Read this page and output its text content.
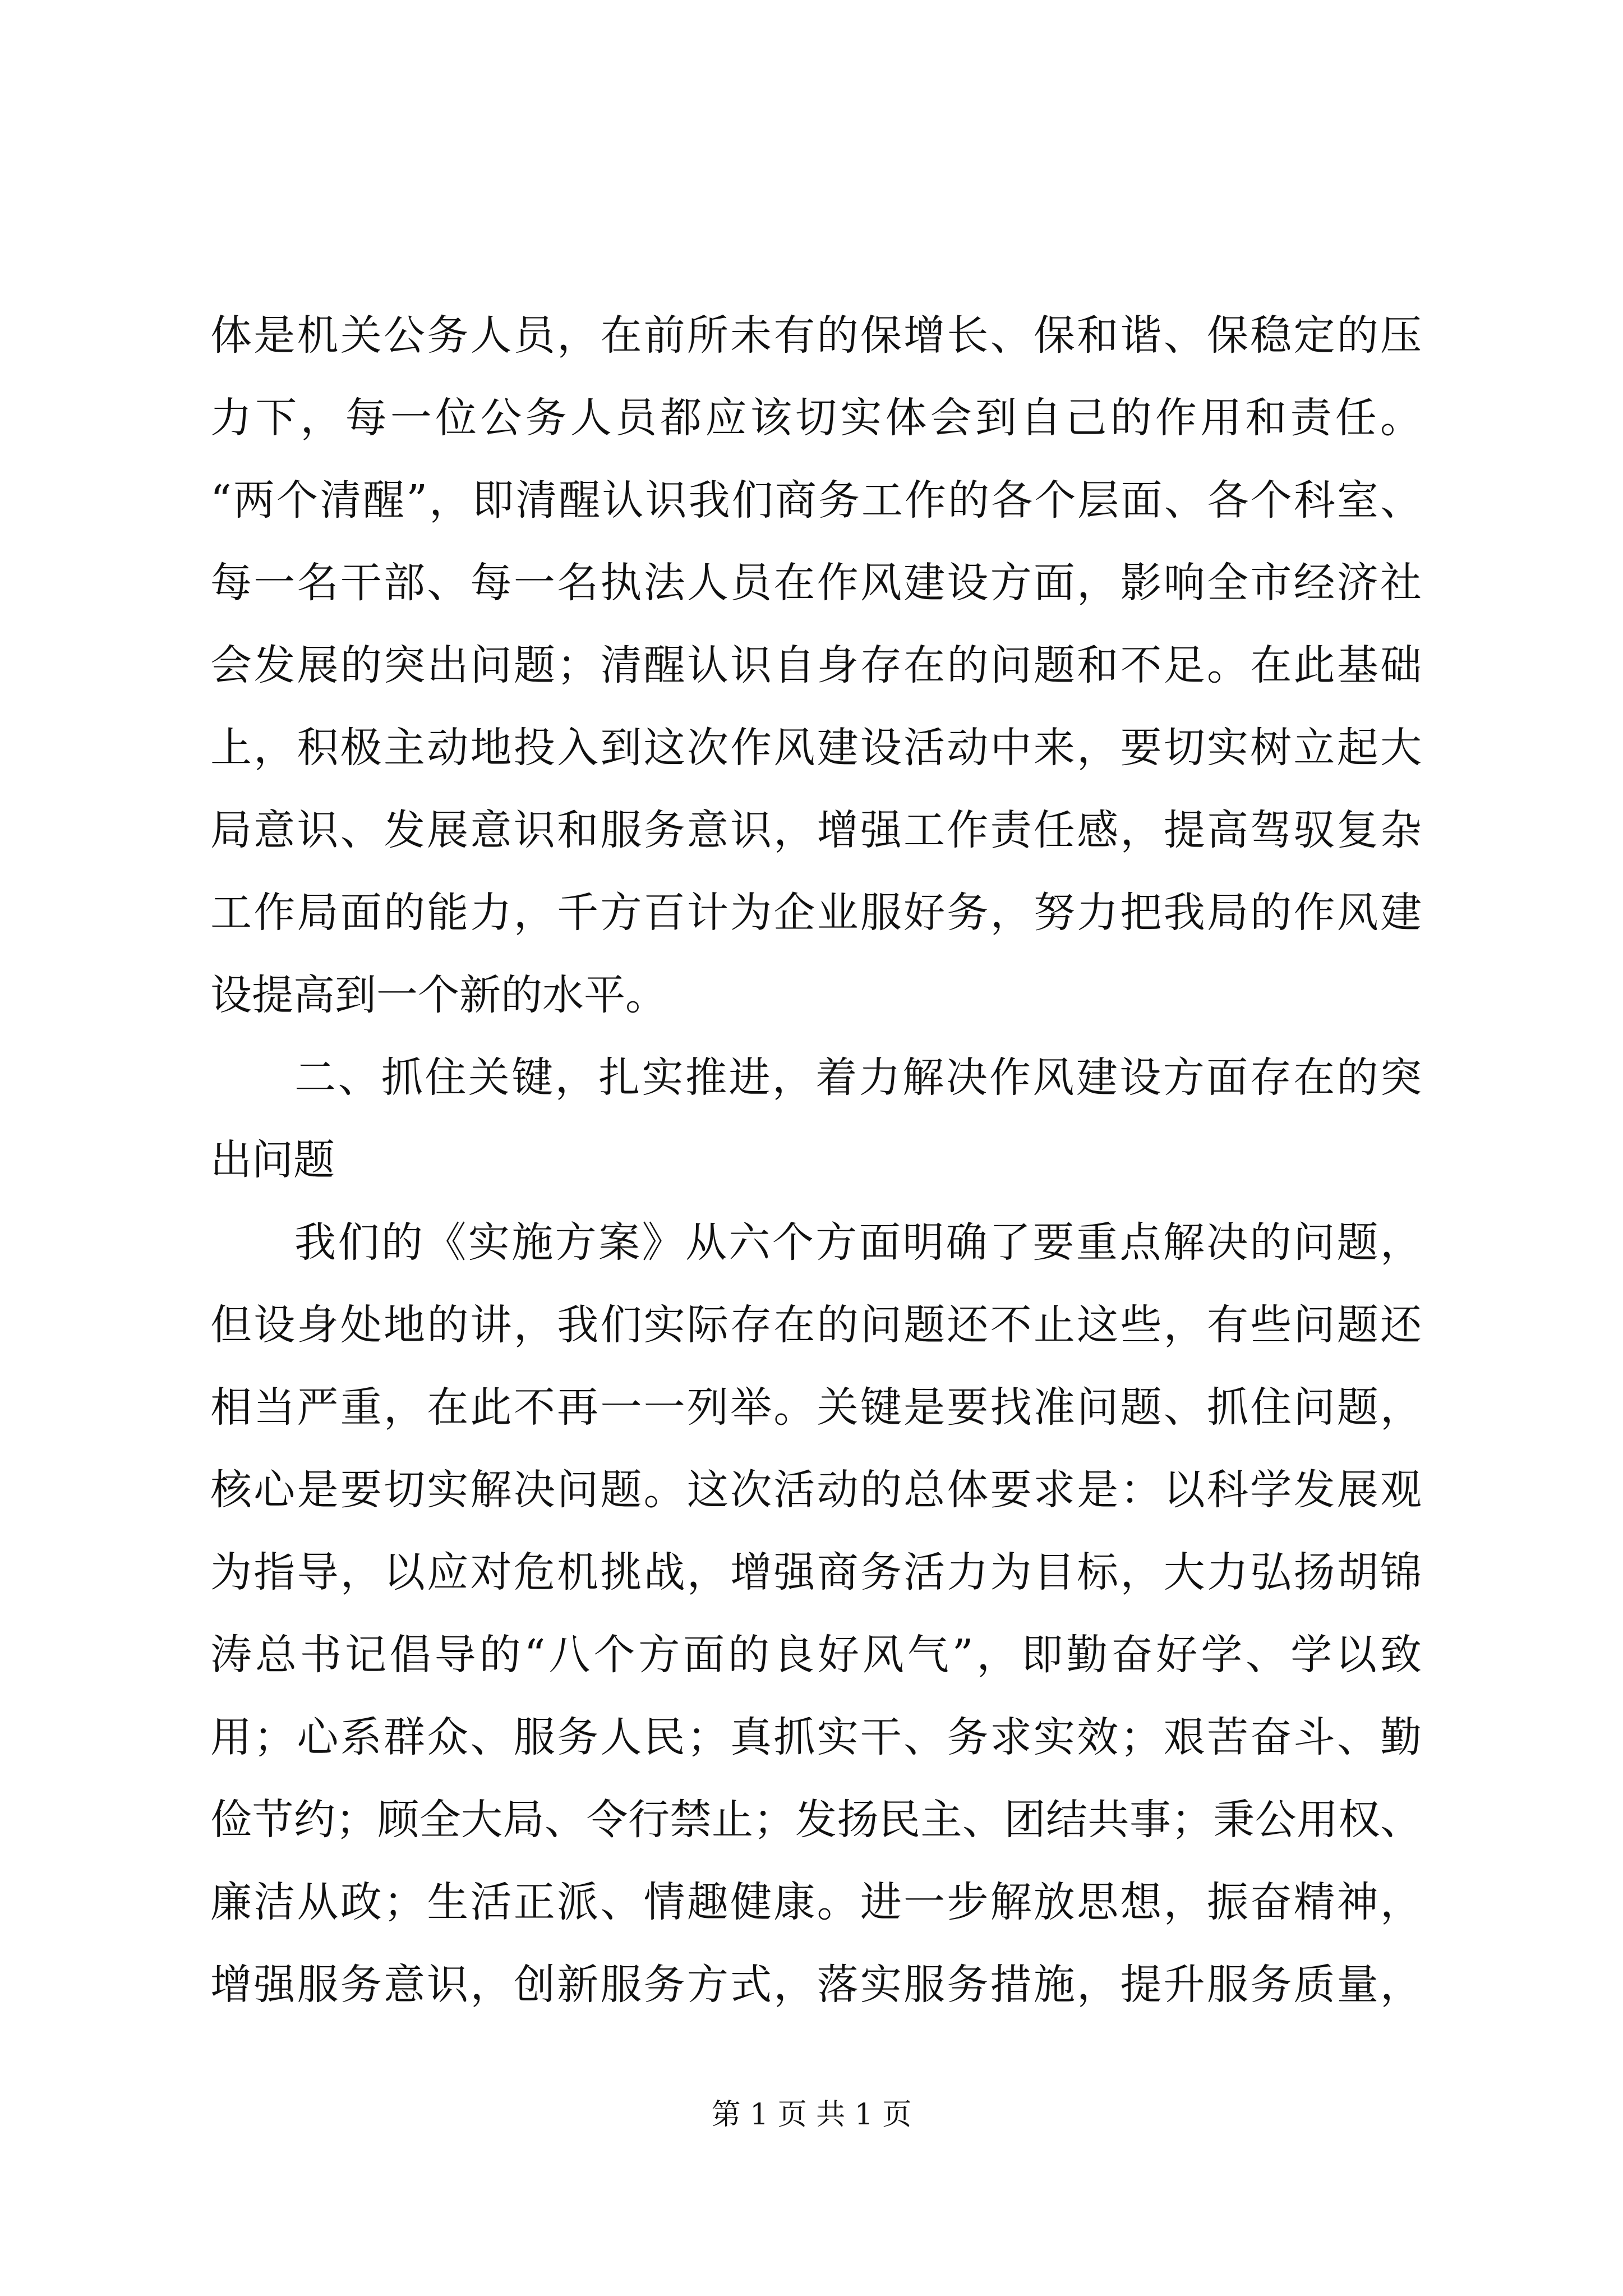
体是机关公务人员，在前所未有的保增长、保和谐、保稳定的压
力下，每一位公务人员都应该切实体会到自己的作用和责任。
“两个清醒”，即清醒认识我们商务工作的各个层面、各个科室、
每一名干部、每一名执法人员在作风建设方面，影响全市经济社
会发展的突出问题；清醒认识自身存在的问题和不足。在此基础
上，积极主动地投入到这次作风建设活动中来，要切实树立起大
局意识、发展意识和服务意识，增强工作责任感，提高驾驭复杂
工作局面的能力，千方百计为企业服好务，努力把我局的作风建
设提高到一个新的水平。
二、抓住关键，扎实推进，着力解决作风建设方面存在的突
出问题
我们的《实施方案》从六个方面明确了要重点解决的问题，
但设身处地的讲，我们实际存在的问题还不止这些，有些问题还
相当严重，在此不再一一列举。关键是要找准问题、抓住问题，
核心是要切实解决问题。这次活动的总体要求是：以科学发展观
为指导，以应对危机挑战，增强商务活力为目标，大力弘扬胡锦
涛总书记倡导的“八个方面的良好风气”，即勤奋好学、学以致
用；心系群众、服务人民；真抓实干、务求实效；艰苦奋斗、勤
俭节约；顾全大局、令行禁止；发扬民主、团结共事；秉公用权、
廉洁从政；生活正派、情趣健康。进一步解放思想，振奋精神，
增强服务意识，创新服务方式，落实服务措施，提升服务质量，
第 1 页 共 1 页
